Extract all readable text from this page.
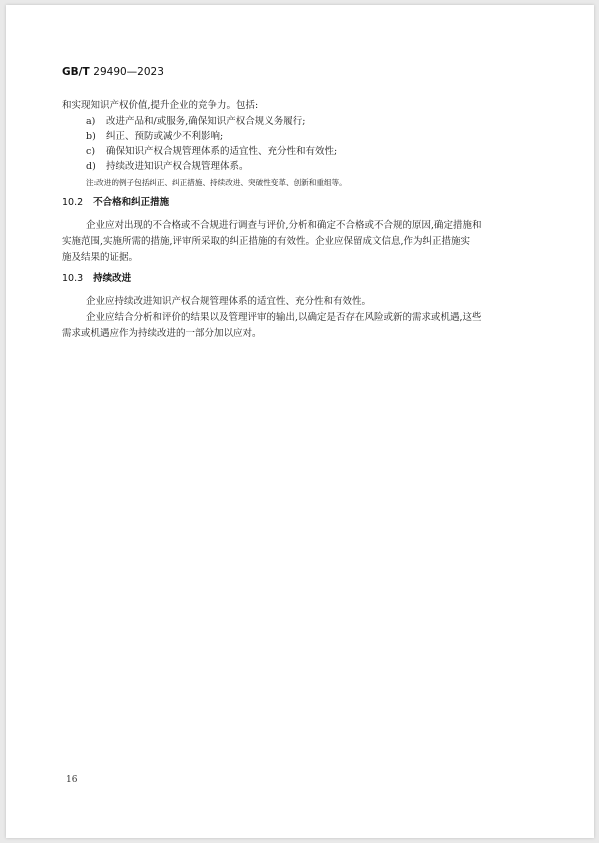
GB/T 29490—2023
和实现知识产权价值,提升企业的竞争力。包括:
a) 改进产品和/或服务,确保知识产权合规义务履行;
b) 纠正、预防或减少不利影响;
c) 确保知识产权合规管理体系的适宜性、充分性和有效性;
d) 持续改进知识产权合规管理体系。
注:改进的例子包括纠正、纠正措施、持续改进、突破性变革、创新和重组等。
10.2 不合格和纠正措施
企业应对出现的不合格或不合规进行调查与评价,分析和确定不合格或不合规的原因,确定措施和
实施范围,实施所需的措施,评审所采取的纠正措施的有效性。企业应保留成文信息,作为纠正措施实
施及结果的证据。
10.3 持续改进
企业应持续改进知识产权合规管理体系的适宜性、充分性和有效性。
企业应结合分析和评价的结果以及管理评审的输出,以确定是否存在风险或新的需求或机遇,这些
需求或机遇应作为持续改进的一部分加以应对。
16
